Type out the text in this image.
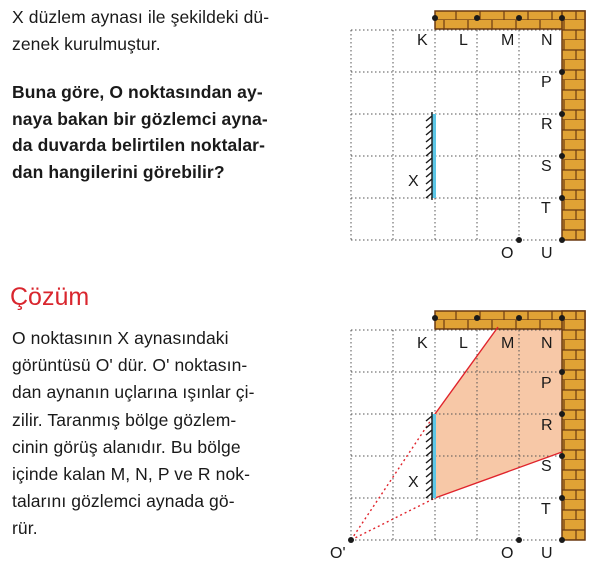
X düzlem aynası ile şekildeki dü-
zenek kurulmuştur.

Buna göre, O noktasından ay-
naya bakan bir gözlemci ayna-
da duvarda belirtilen noktalar-
dan hangilerini görebilir?

Çözüm

O noktasının X aynasındaki
görüntüsü O' dür. O' noktasın-
dan aynanın uçlarına ışınlar çi-
zilir. Taranmış bölge gözlem-
cinin görüş alanıdır. Bu bölge
içinde kalan M, N, P ve R nok-
talarını gözlemci aynada gö-
rür.

K L M N
P
R
S
T
O U
X
K L M N
P
R
S
T
O U
X
O'
